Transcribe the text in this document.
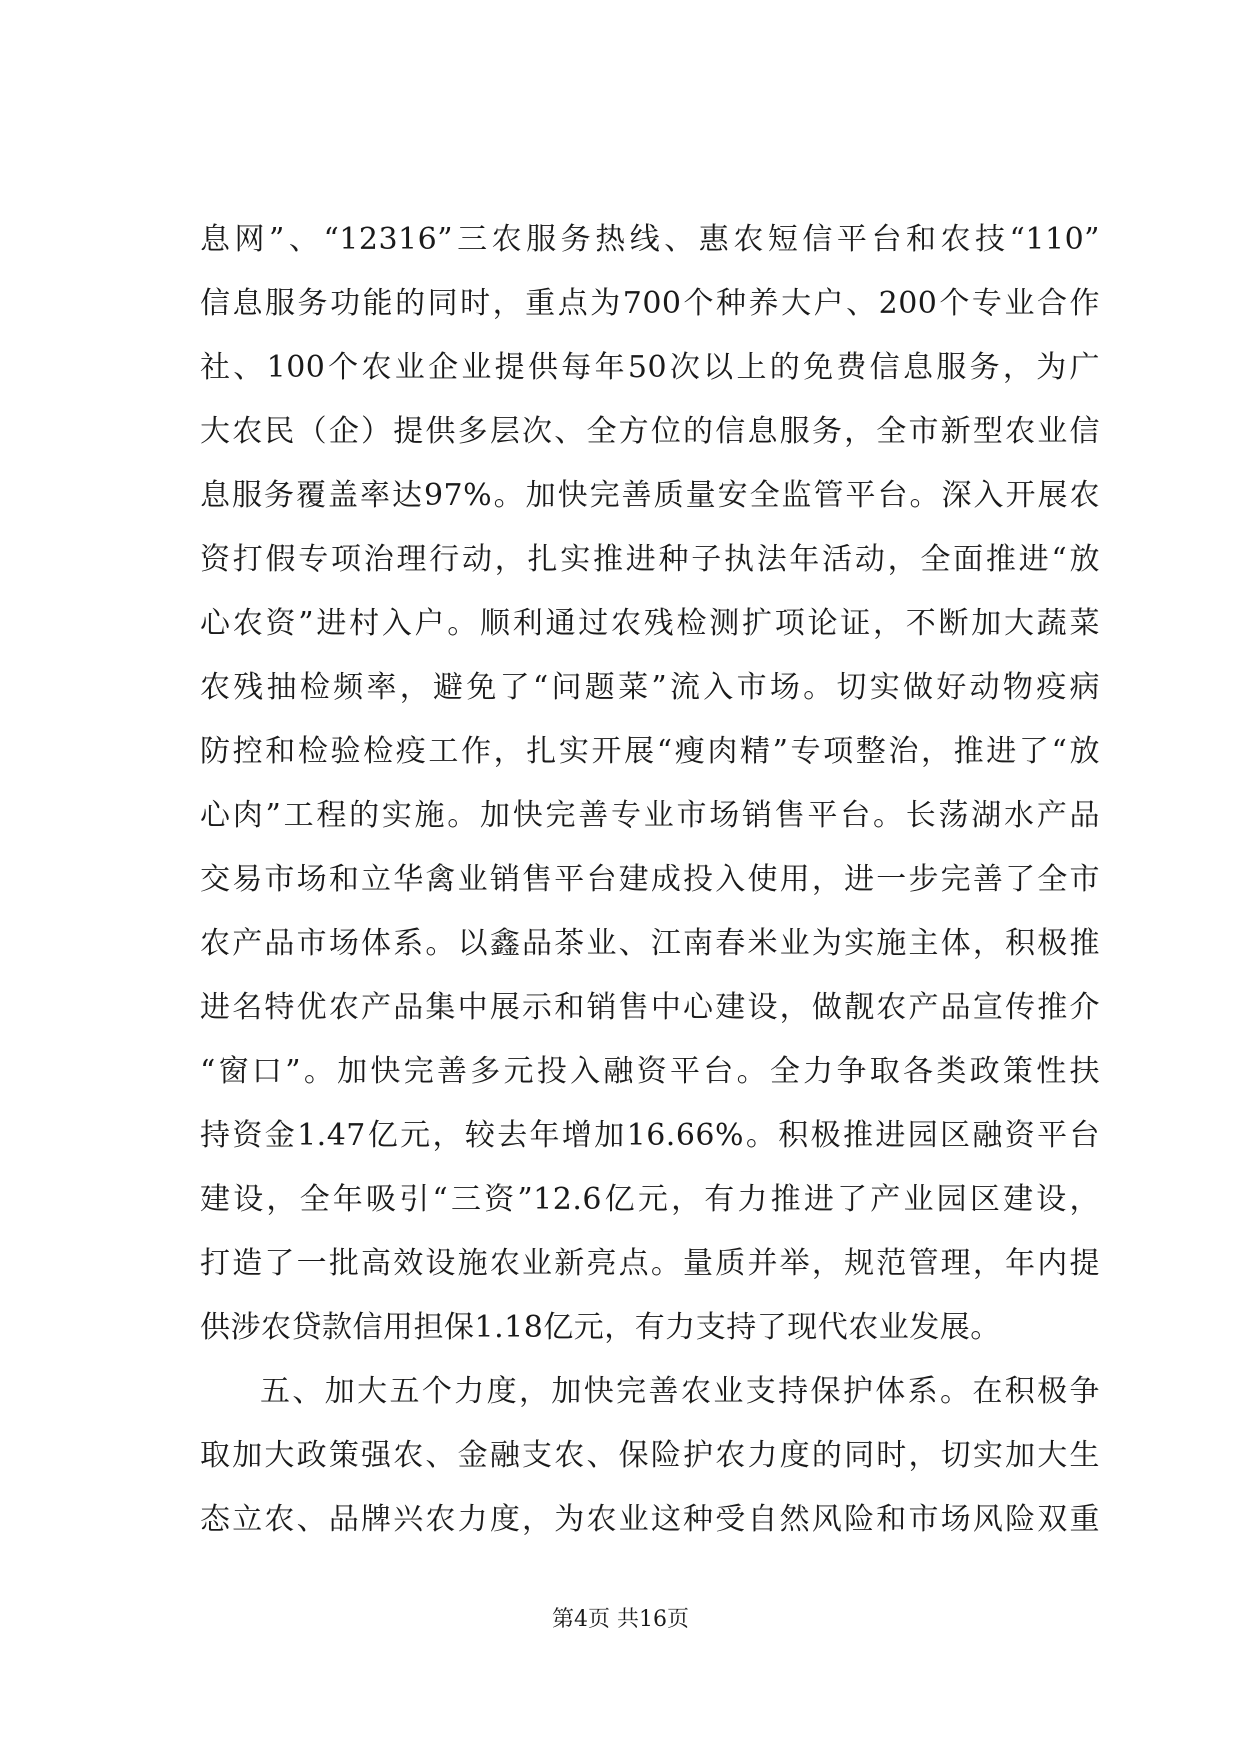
息网”、“12316”三农服务热线、惠农短信平台和农技“110”
信息服务功能的同时，重点为700个种养大户、200个专业合作
社、100个农业企业提供每年50次以上的免费信息服务，为广
大农民（企）提供多层次、全方位的信息服务，全市新型农业信
息服务覆盖率达97%。加快完善质量安全监管平台。深入开展农
资打假专项治理行动，扎实推进种子执法年活动，全面推进“放
心农资”进村入户。顺利通过农残检测扩项论证，不断加大蔬菜
农残抽检频率，避免了“问题菜”流入市场。切实做好动物疫病
防控和检验检疫工作，扎实开展“瘦肉精”专项整治，推进了“放
心肉”工程的实施。加快完善专业市场销售平台。长荡湖水产品
交易市场和立华禽业销售平台建成投入使用，进一步完善了全市
农产品市场体系。以鑫品茶业、江南春米业为实施主体，积极推
进名特优农产品集中展示和销售中心建设，做靓农产品宣传推介
“窗口”。加快完善多元投入融资平台。全力争取各类政策性扶
持资金1.47亿元，较去年增加16.66%。积极推进园区融资平台
建设，全年吸引“三资”12.6亿元，有力推进了产业园区建设，
打造了一批高效设施农业新亮点。量质并举，规范管理，年内提
供涉农贷款信用担保1.18亿元，有力支持了现代农业发展。
五、加大五个力度，加快完善农业支持保护体系。在积极争
取加大政策强农、金融支农、保险护农力度的同时，切实加大生
态立农、品牌兴农力度，为农业这种受自然风险和市场风险双重
第4页 共16页
